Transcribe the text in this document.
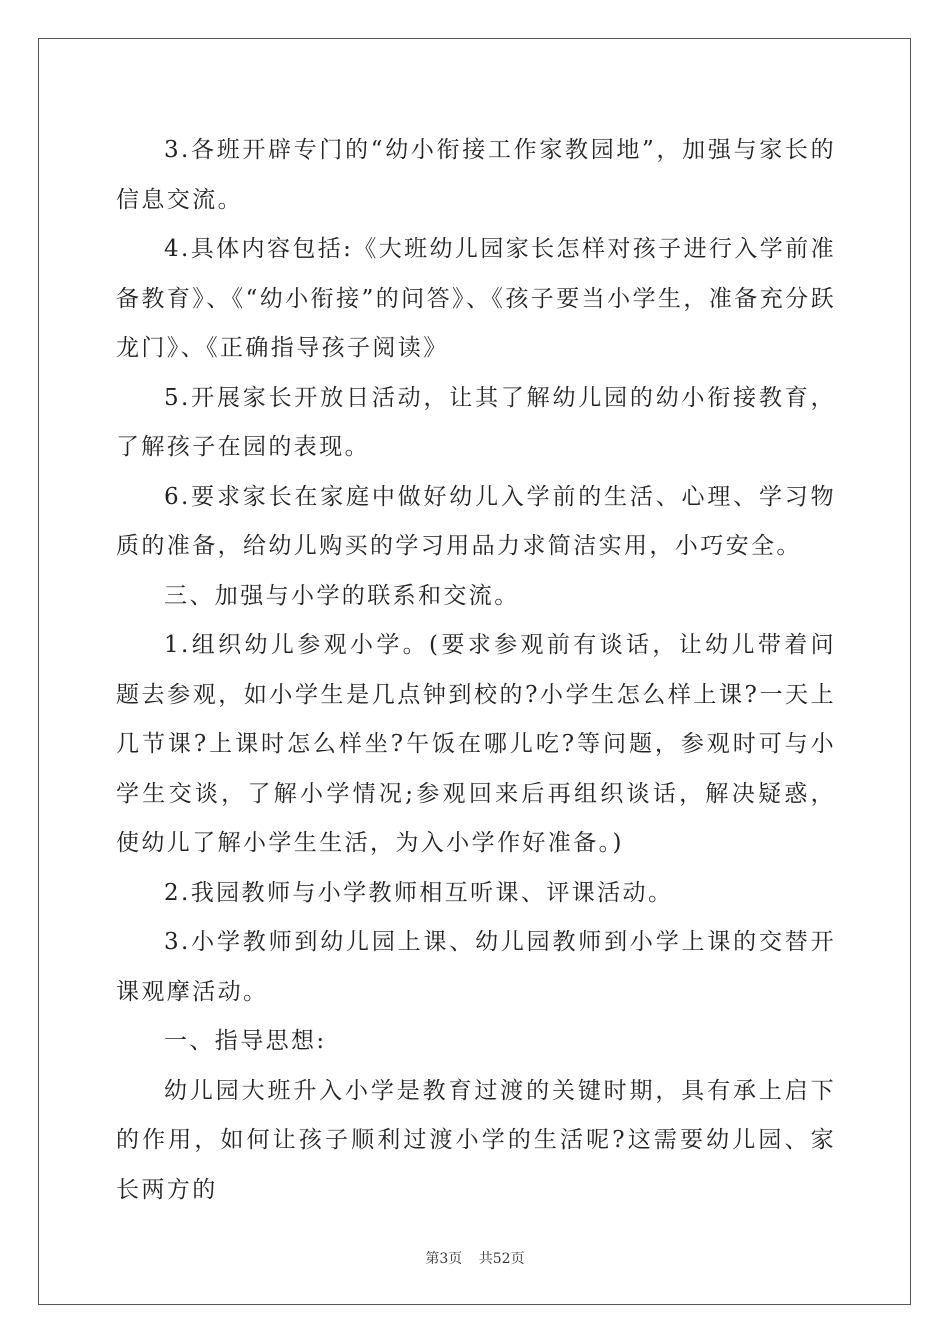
3.各班开辟专门的“幼小衔接工作家教园地”，加强与家长的信息交流。

4.具体内容包括:《大班幼儿园家长怎样对孩子进行入学前准备教育》、《“幼小衔接”的问答》、《孩子要当小学生，准备充分跃龙门》、《正确指导孩子阅读》

5.开展家长开放日活动，让其了解幼儿园的幼小衔接教育，了解孩子在园的表现。

6.要求家长在家庭中做好幼儿入学前的生活、心理、学习物质的准备，给幼儿购买的学习用品力求简洁实用，小巧安全。

三、加强与小学的联系和交流。

1.组织幼儿参观小学。(要求参观前有谈话，让幼儿带着问题去参观，如小学生是几点钟到校的?小学生怎么样上课?一天上几节课?上课时怎么样坐?午饭在哪儿吃?等问题，参观时可与小学生交谈，了解小学情况;参观回来后再组织谈话，解决疑惑，使幼儿了解小学生生活，为入小学作好准备。)

2.我园教师与小学教师相互听课、评课活动。

3.小学教师到幼儿园上课、幼儿园教师到小学上课的交替开课观摩活动。

一、指导思想:

幼儿园大班升入小学是教育过渡的关键时期，具有承上启下的作用，如何让孩子顺利过渡小学的生活呢?这需要幼儿园、家长两方的

第3页 共52页
